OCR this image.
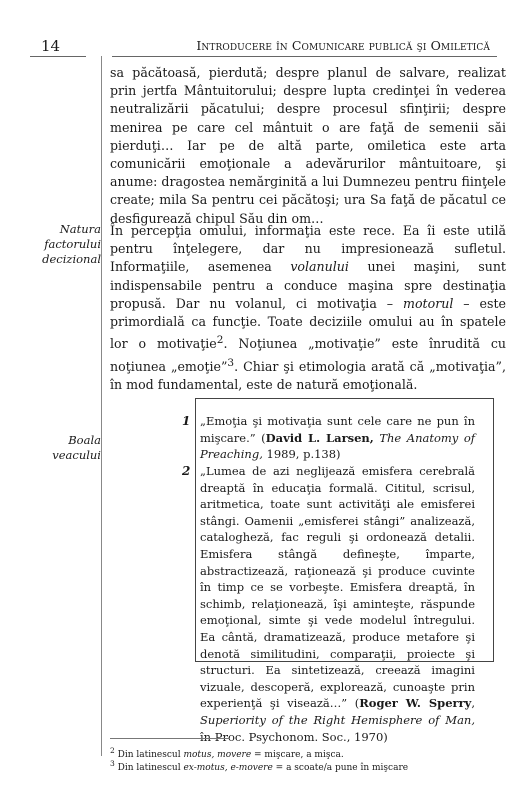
14	Introducere în Comunicare publică şi Omiletică

sa păcătoasă, pierdută; despre planul de salvare, realizat prin jertfa Mântuitorului; despre lupta credinţei în vederea neutralizării păcatului; despre procesul sfinţirii; despre menirea pe care cel mântuit o are faţă de semenii săi pierduţi… Iar pe de altă parte, omiletica este arta comunicării emoţionale a adevărurilor mântuitoare, şi anume: dragostea nemărginită a lui Dumnezeu pentru fiinţele create; mila Sa pentru cei păcătoşi; ura Sa faţă de păcatul ce desfigurează chipul Său din om…

În percepţia omului, informaţia este rece. Ea îi este utilă pentru înţelegere, dar nu impresionează sufletul. Informaţiile, asemenea volanului unei maşini, sunt indispensabile pentru a conduce maşina spre destinaţia propusă. Dar nu volanul, ci motivaţia – motorul – este primordială ca funcţie. Toate deciziile omului au în spatele lor o motivaţie$^2$. Noţiunea „motivaţie” este înrudită cu noţiunea „emoţie”$^3$. Chiar şi etimologia arată că „motivaţia”, în mod fundamental, este de natură emoţională.

Natura factorului decizional

Boala veacului

1 „Emoţia şi motivaţia sunt cele care ne pun în mişcare.” (David L. Larsen, The Anatomy of Preaching, 1989, p.138)

2 „Lumea de azi neglijează emisfera cerebrală dreaptă în educaţia formală. Cititul, scrisul, aritmetica, toate sunt activităţi ale emisferei stângi. Oamenii „emisferei stângi” analizează, catalogheză, fac reguli şi ordonează detalii. Emisfera stângă defineşte, împarte, abstractizează, raţionează şi produce cuvinte în timp ce se vorbeşte. Emisfera dreaptă, în schimb, relaţionează, îşi aminteşte, răspunde emoţional, simte şi vede modelul întregului. Ea cântă, dramatizează, produce metafore şi denotă similitudini, comparaţii, proiecte şi structuri. Ea sintetizează, creează imagini vizuale, descoperă, explorează, cunoaşte prin experienţă şi visează…” (Roger W. Sperry, Superiority of the Right Hemisphere of Man, în Proc. Psychonom. Soc., 1970)

$^2$ Din latinescul motus, movere = mişcare, a mişca.

$^3$ Din latinescul ex-motus, e-movere = a scoate/a pune în mişcare
